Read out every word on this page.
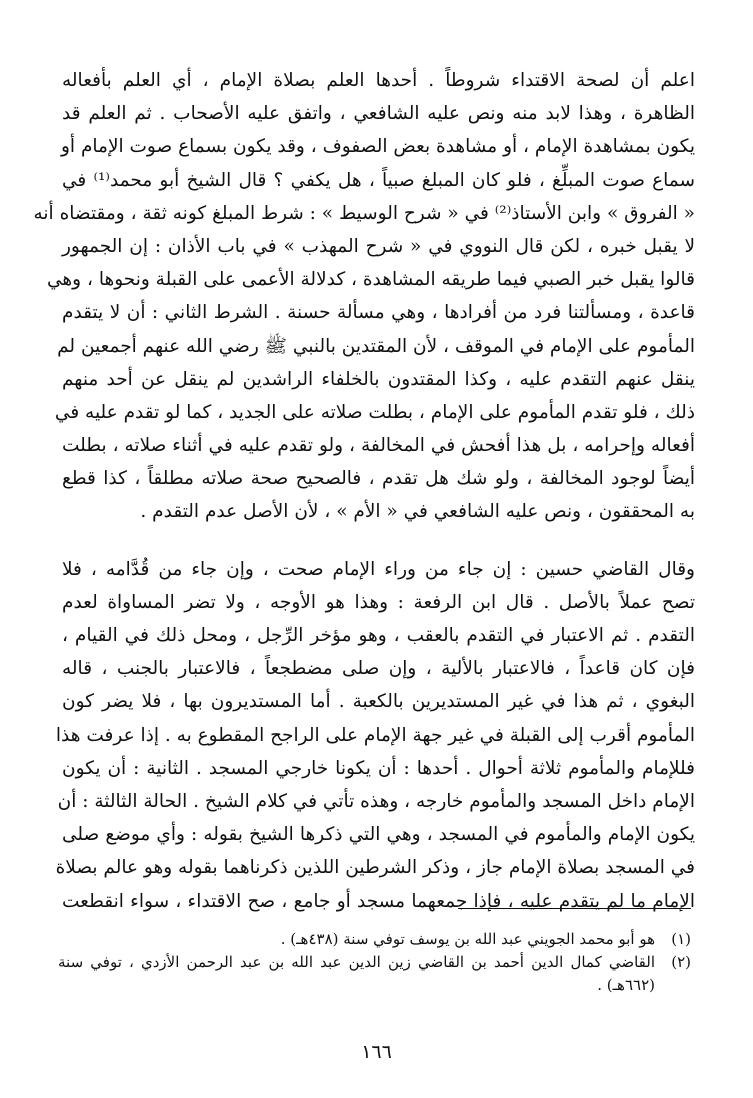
اعلم أن لصحة الاقتداء شروطاً . أحدها العلم بصلاة الإمام ، أي العلم بأفعاله
الظاهرة ، وهذا لابد منه ونص عليه الشافعي ، واتفق عليه الأصحاب . ثم العلم قد
يكون بمشاهدة الإمام ، أو مشاهدة بعض الصفوف ، وقد يكون بسماع صوت الإمام أو
سماع صوت المبلِّغ ، فلو كان المبلغ صبياً ، هل يكفي ؟ قال الشيخ أبو محمد⁽¹⁾ في
« الفروق » وابن الأستاذ⁽²⁾ في « شرح الوسيط » : شرط المبلغ كونه ثقة ، ومقتضاه أنه
لا يقبل خبره ، لكن قال النووي في « شرح المهذب » في باب الأذان : إن الجمهور
قالوا يقبل خبر الصبي فيما طريقه المشاهدة ، كدلالة الأعمى على القبلة ونحوها ، وهي
قاعدة ، ومسألتنا فرد من أفرادها ، وهي مسألة حسنة . الشرط الثاني : أن لا يتقدم
المأموم على الإمام في الموقف ، لأن المقتدين بالنبي ﷺ رضي الله عنهم أجمعين لم
ينقل عنهم التقدم عليه ، وكذا المقتدون بالخلفاء الراشدين لم ينقل عن أحد منهم
ذلك ، فلو تقدم المأموم على الإمام ، بطلت صلاته على الجديد ، كما لو تقدم عليه في
أفعاله وإحرامه ، بل هذا أفحش في المخالفة ، ولو تقدم عليه في أثناء صلاته ، بطلت
أيضاً لوجود المخالفة ، ولو شك هل تقدم ، فالصحيح صحة صلاته مطلقاً ، كذا قطع
به المحققون ، ونص عليه الشافعي في « الأم » ، لأن الأصل عدم التقدم .
وقال القاضي حسين : إن جاء من وراء الإمام صحت ، وإن جاء من قُدَّامه ، فلا
تصح عملاً بالأصل . قال ابن الرفعة : وهذا هو الأوجه ، ولا تضر المساواة لعدم
التقدم . ثم الاعتبار في التقدم بالعقب ، وهو مؤخر الرِّجل ، ومحل ذلك في القيام ،
فإن كان قاعداً ، فالاعتبار بالألية ، وإن صلى مضطجعاً ، فالاعتبار بالجنب ، قاله
البغوي ، ثم هذا في غير المستديرين بالكعبة . أما المستديرون بها ، فلا يضر كون
المأموم أقرب إلى القبلة في غير جهة الإمام على الراجح المقطوع به . إذا عرفت هذا
فللإمام والمأموم ثلاثة أحوال . أحدها : أن يكونا خارجي المسجد . الثانية : أن يكون
الإمام داخل المسجد والمأموم خارجه ، وهذه تأتي في كلام الشيخ . الحالة الثالثة : أن
يكون الإمام والمأموم في المسجد ، وهي التي ذكرها الشيخ بقوله : وأي موضع صلى
في المسجد بصلاة الإمام جاز ، وذكر الشرطين اللذين ذكرناهما بقوله وهو عالم بصلاة
الإمام ما لم يتقدم عليه ، فإذا جمعهما مسجد أو جامع ، صح الاقتداء ، سواء انقطعت
(١)
هو أبو محمد الجويني عبد الله بن يوسف توفي سنة (٤٣٨هـ) .
(٢)
القاضي كمال الدين أحمد بن القاضي زين الدين عبد الله بن عبد الرحمن الأزدي ، توفي سنة
(٦٦٢هـ) .
١٦٦
